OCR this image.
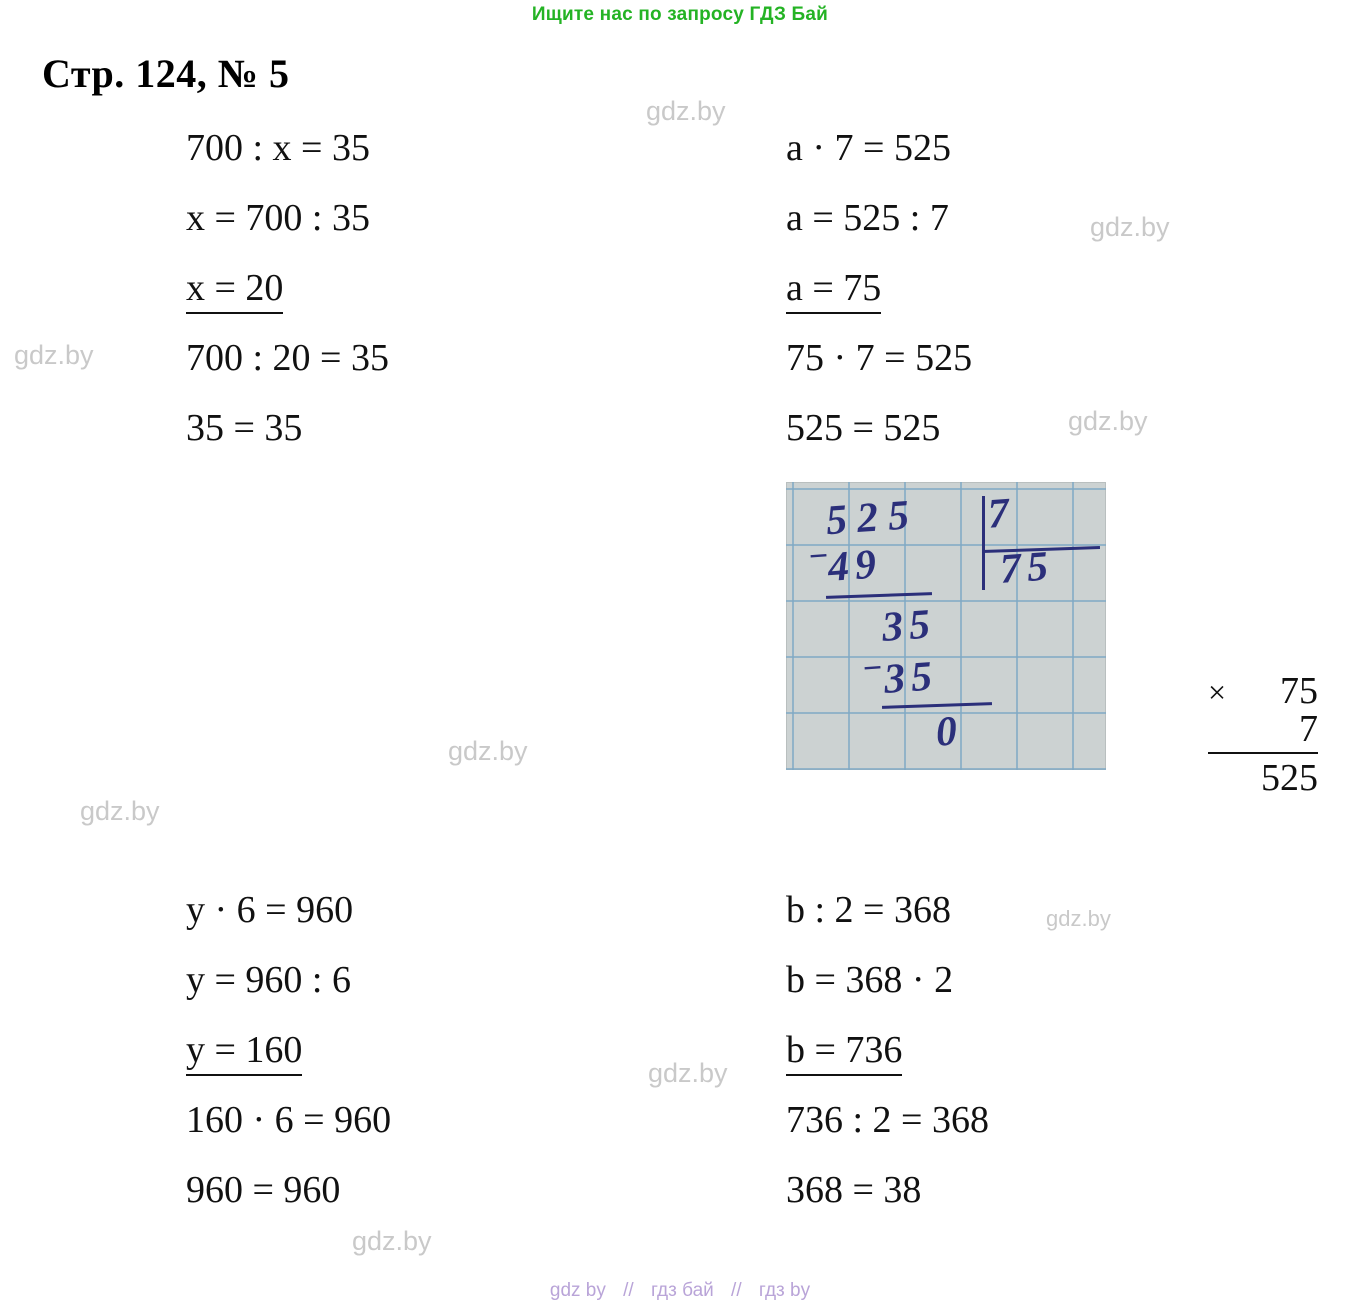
Ищите нас по запросу ГДЗ Бай
Стр. 124, № 5
700 : x = 35
x = 700 : 35
x = 20
700 : 20 = 35
35 = 35
a · 7 = 525
a = 525 : 7
a = 75
75 · 7 = 525
525 = 525
y · 6 = 960
y = 960 : 6
y = 160
160 · 6 = 960
960 = 960
b : 2 = 368
b = 368 · 2
b = 736
736 : 2 = 368
368 = 38
525 7
75
−
49
35
−
35
0
×	75
7
525
gdz.by
gdz.by
gdz.by
gdz.by
gdz.by
gdz.by
gdz.by
gdz.by
gdz.by
gdz by // гдз бай // гдз by
